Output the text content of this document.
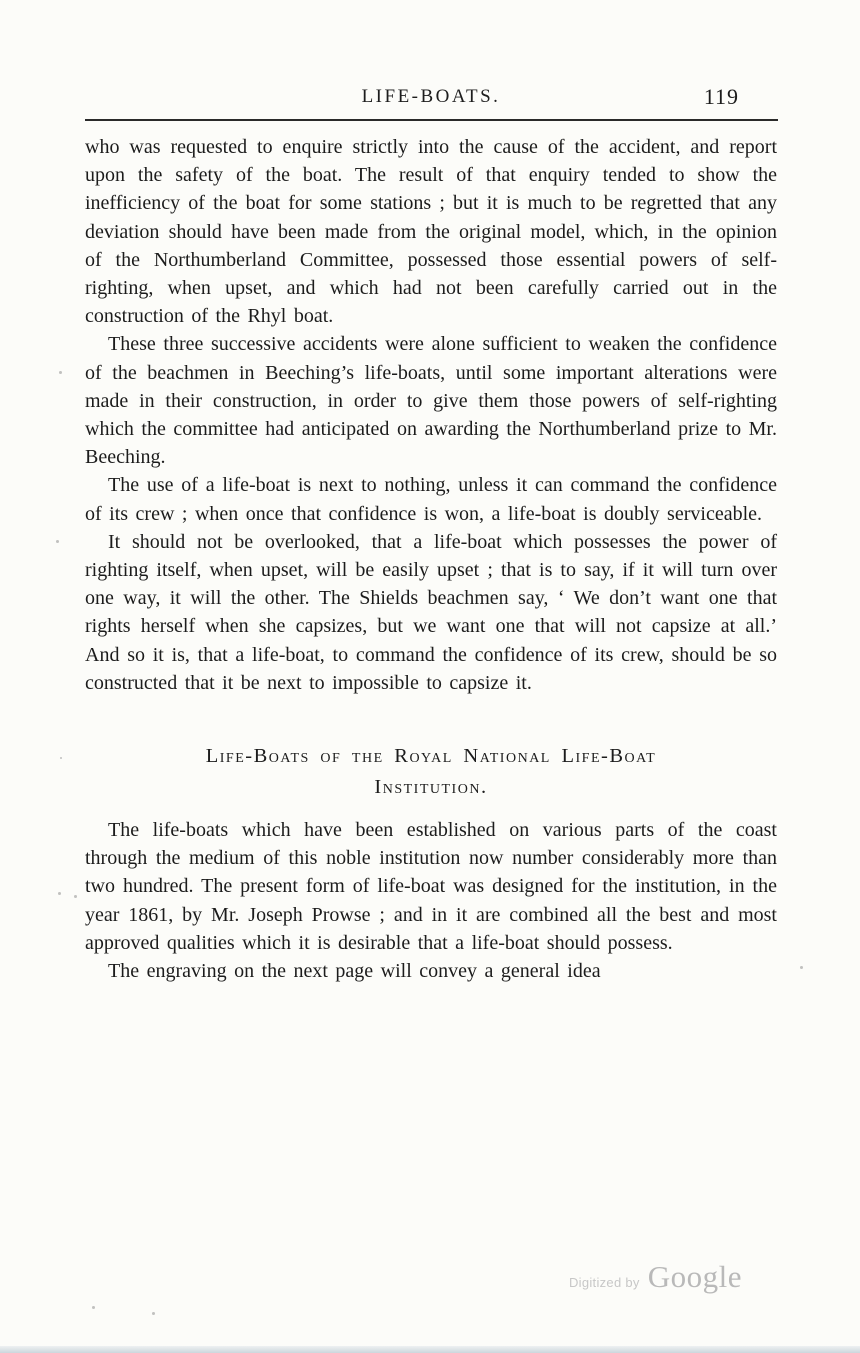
LIFE-BOATS.	119

who was requested to enquire strictly into the cause of the accident, and report upon the safety of the boat. The result of that enquiry tended to show the inefficiency of the boat for some stations ; but it is much to be regretted that any deviation should have been made from the original model, which, in the opinion of the Northumberland Committee, possessed those essential powers of self-righting, when upset, and which had not been carefully carried out in the construction of the Rhyl boat.

These three successive accidents were alone sufficient to weaken the confidence of the beachmen in Beeching’s life-boats, until some important alterations were made in their construction, in order to give them those powers of self-righting which the committee had anticipated on awarding the Northumberland prize to Mr. Beeching.

The use of a life-boat is next to nothing, unless it can command the confidence of its crew ; when once that confidence is won, a life-boat is doubly serviceable.

It should not be overlooked, that a life-boat which possesses the power of righting itself, when upset, will be easily upset ; that is to say, if it will turn over one way, it will the other. The Shields beachmen say, ‘ We don’t want one that rights herself when she capsizes, but we want one that will not capsize at all.’ And so it is, that a life-boat, to command the confidence of its crew, should be so constructed that it be next to impossible to capsize it.

Life-Boats of the Royal National Life-Boat
Institution.

The life-boats which have been established on various parts of the coast through the medium of this noble institution now number considerably more than two hundred. The present form of life-boat was designed for the institution, in the year 1861, by Mr. Joseph Prowse ; and in it are combined all the best and most approved qualities which it is desirable that a life-boat should possess.

The engraving on the next page will convey a general idea

Digitized by Google
